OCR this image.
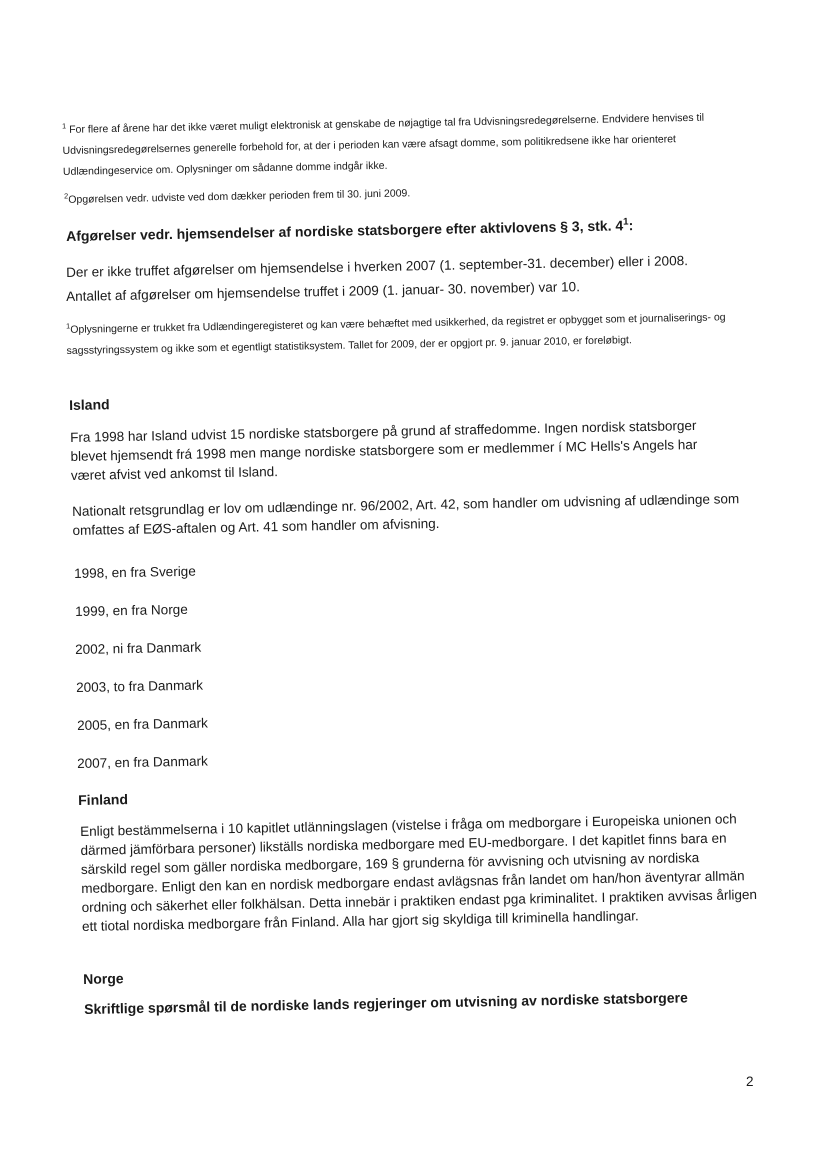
$^1$ For flere af årene har det ikke været muligt elektronisk at genskabe de nøjagtige tal fra Udvisningsredegørelserne. Endvidere henvises til Udvisningsredegørelsernes generelle forbehold for, at der i perioden kan være afsagt domme, som politikredsene ikke har orienteret Udlændingeservice om. Oplysninger om sådanne domme indgår ikke.

$^2$Opgørelsen vedr. udviste ved dom dækker perioden frem til 30. juni 2009.

Afgørelser vedr. hjemsendelser af nordiske statsborgere efter aktivlovens § 3, stk. $4^1$:

Der er ikke truffet afgørelser om hjemsendelse i hverken 2007 (1. september-31. december) eller i 2008.

Antallet af afgørelser om hjemsendelse truffet i 2009 (1. januar- 30. november) var 10.

$^1$Oplysningerne er trukket fra Udlændingeregisteret og kan være behæftet med usikkerhed, da registret er opbygget som et journaliserings- og sagsstyringssystem og ikke som et egentligt statistiksystem. Tallet for 2009, der er opgjort pr. 9. januar 2010, er foreløbigt.

Island

Fra 1998 har Island udvist 15 nordiske statsborgere på grund af straffedomme. Ingen nordisk statsborger blevet hjemsendt frá 1998 men mange nordiske statsborgere som er medlemmer í MC Hells's Angels har været afvist ved ankomst til Island.

Nationalt retsgrundlag er lov om udlændinge nr. 96/2002, Art. 42, som handler om udvisning af udlændinge som omfattes af EØS-aftalen og Art. 41 som handler om afvisning.

1998, en fra Sverige
1999, en fra Norge
2002, ni fra Danmark
2003, to fra Danmark
2005, en fra Danmark
2007, en fra Danmark
Finland

Enligt bestämmelserna i 10 kapitlet utlänningslagen (vistelse i fråga om medborgare i Europeiska unionen och därmed jämförbara personer) likställs nordiska medborgare med EU-medborgare. I det kapitlet finns bara en särskild regel som gäller nordiska medborgare, 169 § grunderna för avvisning och utvisning av nordiska medborgare. Enligt den kan en nordisk medborgare endast avlägsnas från landet om han/hon äventyrar allmän ordning och säkerhet eller folkhälsan. Detta innebär i praktiken endast pga kriminalitet. I praktiken avvisas årligen ett tiotal nordiska medborgare från Finland. Alla har gjort sig skyldiga till kriminella handlingar.

Norge
Skriftlige spørsmål til de nordiske lands regjeringer om utvisning av nordiske statsborgere
2
